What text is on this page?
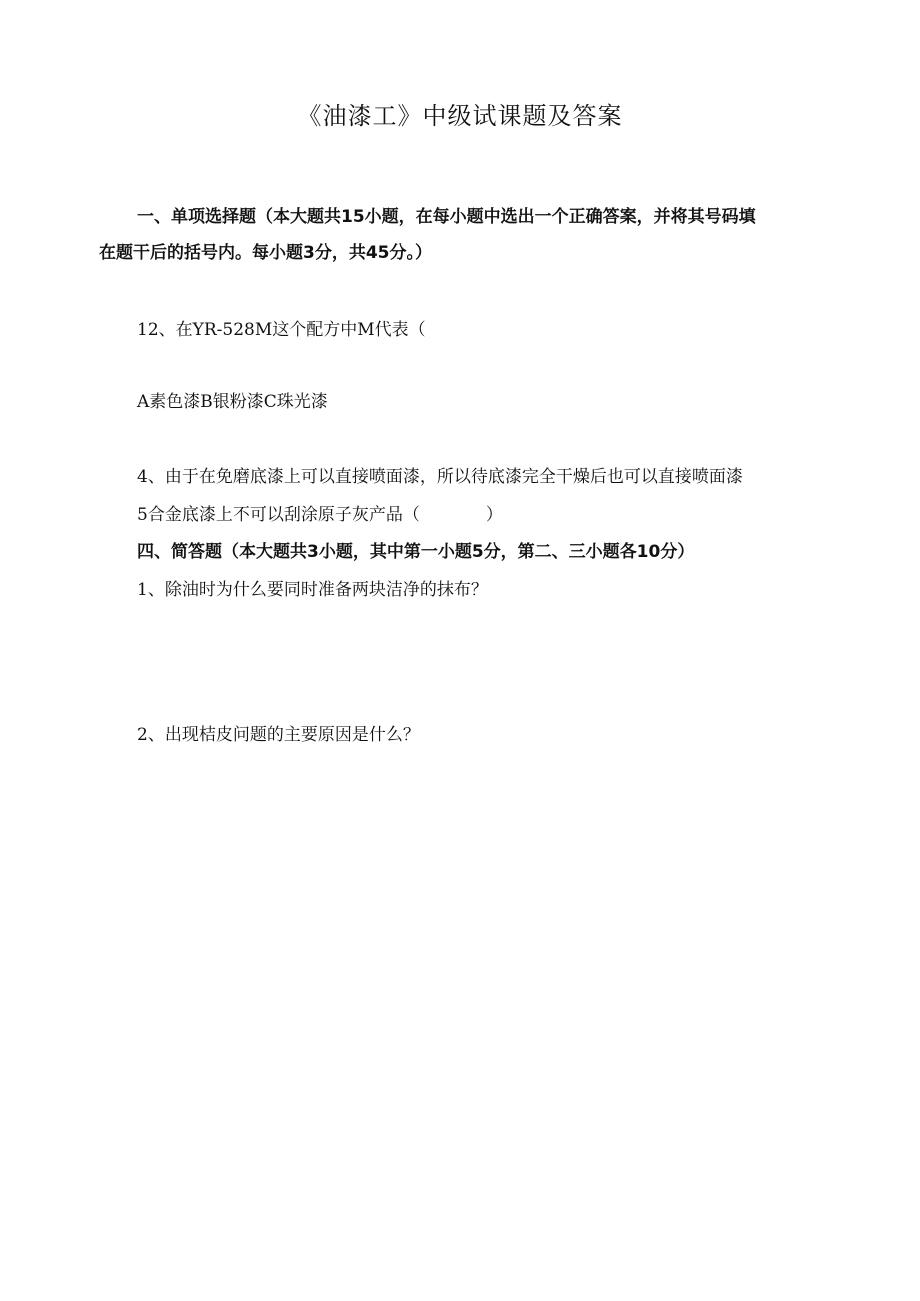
《油漆工》中级试课题及答案
一、单项选择题（本大题共15小题，在每小题中选出一个正确答案，并将其号码填
在题干后的括号内。每小题3分，共45分。）
12、在YR-528M这个配方中M代表（
A素色漆B银粉漆C珠光漆
4、由于在免磨底漆上可以直接喷面漆，所以待底漆完全干燥后也可以直接喷面漆
5合金底漆上不可以刮涂原子灰产品（	）
四、简答题（本大题共3小题，其中第一小题5分，第二、三小题各10分）
1、除油时为什么要同时准备两块洁净的抹布？
2、出现桔皮问题的主要原因是什么？
